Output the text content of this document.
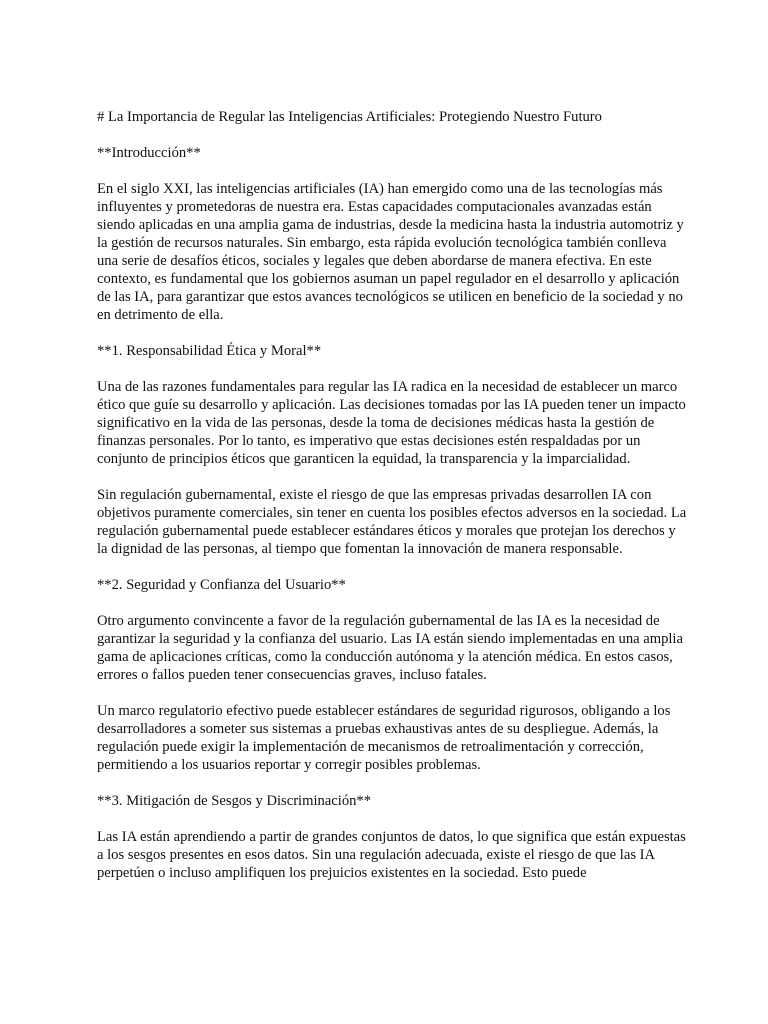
# La Importancia de Regular las Inteligencias Artificiales: Protegiendo Nuestro Futuro

**Introducción**

En el siglo XXI, las inteligencias artificiales (IA) han emergido como una de las tecnologías más influyentes y prometedoras de nuestra era. Estas capacidades computacionales avanzadas están siendo aplicadas en una amplia gama de industrias, desde la medicina hasta la industria automotriz y la gestión de recursos naturales. Sin embargo, esta rápida evolución tecnológica también conlleva una serie de desafíos éticos, sociales y legales que deben abordarse de manera efectiva. En este contexto, es fundamental que los gobiernos asuman un papel regulador en el desarrollo y aplicación de las IA, para garantizar que estos avances tecnológicos se utilicen en beneficio de la sociedad y no en detrimento de ella.

**1. Responsabilidad Ética y Moral**

Una de las razones fundamentales para regular las IA radica en la necesidad de establecer un marco ético que guíe su desarrollo y aplicación. Las decisiones tomadas por las IA pueden tener un impacto significativo en la vida de las personas, desde la toma de decisiones médicas hasta la gestión de finanzas personales. Por lo tanto, es imperativo que estas decisiones estén respaldadas por un conjunto de principios éticos que garanticen la equidad, la transparencia y la imparcialidad.

Sin regulación gubernamental, existe el riesgo de que las empresas privadas desarrollen IA con objetivos puramente comerciales, sin tener en cuenta los posibles efectos adversos en la sociedad. La regulación gubernamental puede establecer estándares éticos y morales que protejan los derechos y la dignidad de las personas, al tiempo que fomentan la innovación de manera responsable.

**2. Seguridad y Confianza del Usuario**

Otro argumento convincente a favor de la regulación gubernamental de las IA es la necesidad de garantizar la seguridad y la confianza del usuario. Las IA están siendo implementadas en una amplia gama de aplicaciones críticas, como la conducción autónoma y la atención médica. En estos casos, errores o fallos pueden tener consecuencias graves, incluso fatales.

Un marco regulatorio efectivo puede establecer estándares de seguridad rigurosos, obligando a los desarrolladores a someter sus sistemas a pruebas exhaustivas antes de su despliegue. Además, la regulación puede exigir la implementación de mecanismos de retroalimentación y corrección, permitiendo a los usuarios reportar y corregir posibles problemas.

**3. Mitigación de Sesgos y Discriminación**

Las IA están aprendiendo a partir de grandes conjuntos de datos, lo que significa que están expuestas a los sesgos presentes en esos datos. Sin una regulación adecuada, existe el riesgo de que las IA perpetúen o incluso amplifiquen los prejuicios existentes en la sociedad. Esto puede
